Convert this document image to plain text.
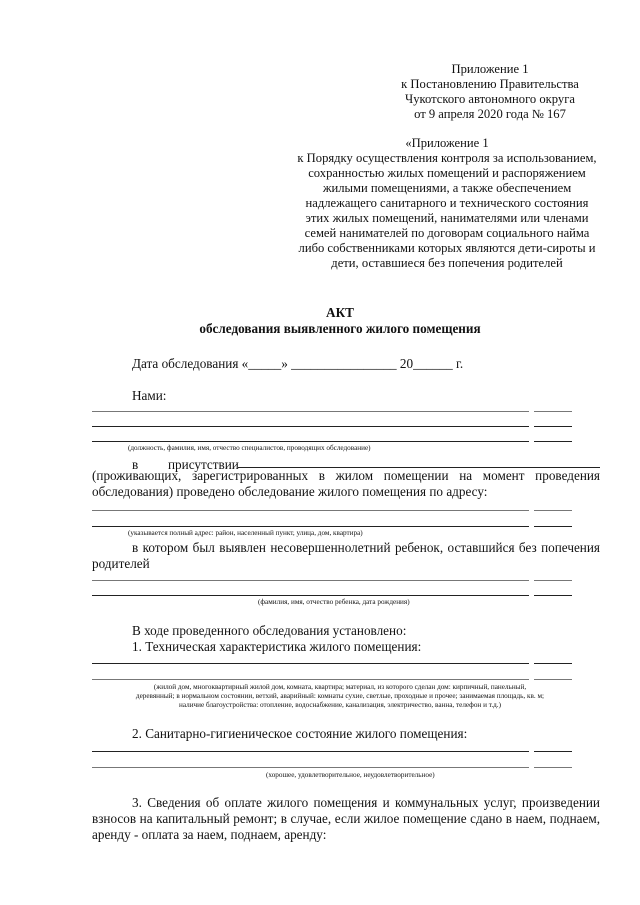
Приложение 1
к Постановлению Правительства
Чукотского автономного округа
от 9 апреля 2020 года № 167
«Приложение 1
к Порядку осуществления контроля за использованием,
сохранностью жилых помещений и распоряжением
жилыми помещениями, а также обеспечением
надлежащего санитарного и технического состояния
этих жилых помещений, нанимателями или членами
семей нанимателей по договорам социального найма
либо собственниками которых являются дети-сироты и
дети, оставшиеся без попечения родителей
АКТ
обследования выявленного жилого помещения
Дата обследования «_____» ________________ 20______ г.
Нами:
(должность, фамилия, имя, отчество специалистов, проводящих обследование)
в присутствии
(проживающих, зарегистрированных в жилом помещении на момент проведения
обследования) проведено обследование жилого помещения по адресу:
(указывается полный адрес: район, населенный пункт, улица, дом, квартира)
в котором был выявлен несовершеннолетний ребенок, оставшийся без попечения
родителей
(фамилия, имя, отчество ребенка, дата рождения)
В ходе проведенного обследования установлено:
1. Техническая характеристика жилого помещения:
(жилой дом, многоквартирный жилой дом, комната, квартира; материал, из которого сделан дом: кирпичный, панельный,
деревянный; в нормальном состоянии, ветхий, аварийный: комнаты сухие, светлые, проходные и прочее; занимаемая площадь, кв. м;
наличие благоустройства: отопление, водоснабжение, канализация, электричество, ванна, телефон и т.д.)
2. Санитарно-гигиеническое состояние жилого помещения:
(хорошее, удовлетворительное, неудовлетворительное)
3. Сведения об оплате жилого помещения и коммунальных услуг, произведении
взносов на капитальный ремонт; в случае, если жилое помещение сдано в наем, поднаем,
аренду - оплата за наем, поднаем, аренду:
